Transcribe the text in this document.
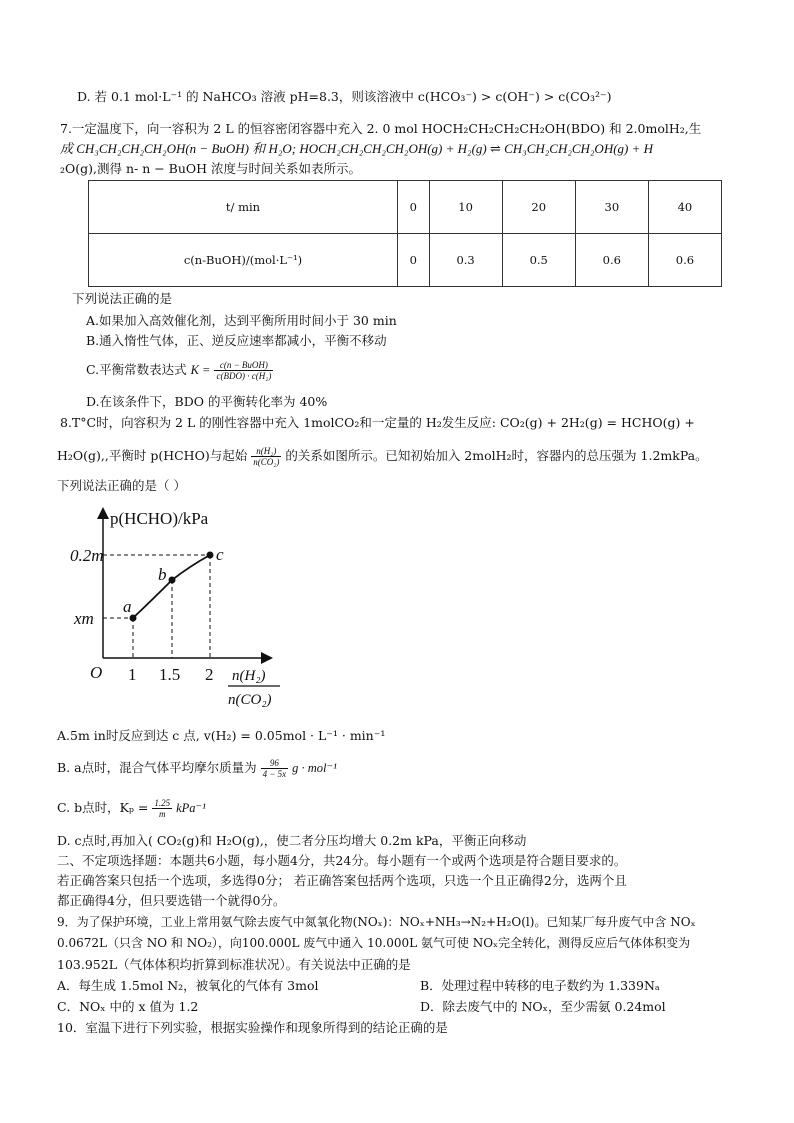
D. 若 0.1 mol·L⁻¹ 的 NaHCO₃ 溶液 pH=8.3，则该溶液中 c(HCO₃⁻) > c(OH⁻) > c(CO₃²⁻)
7.一定温度下，向一容积为 2 L 的恒容密闭容器中充入 2. 0 mol HOCH₂CH₂CH₂CH₂OH(BDO) 和 2.0molH₂,生
成 CH₃CH₂CH₂CH₂OH(n − BuOH) 和 H₂O; HOCH₂CH₂CH₂CH₂OH(g) + H₂(g) ⇌ CH₃CH₂CH₂CH₂OH(g) + H
₂O(g),测得 n- n − BuOH 浓度与时间关系如表所示。
t/ min	0	10	20	30	40
c(n-BuOH)/(mol·L⁻¹)	0	0.3	0.5	0.6	0.6
下列说法正确的是
A.如果加入高效催化剂，达到平衡所用时间小于 30 min
B.通入惰性气体，正、逆反应速率都减小，平衡不移动
C.平衡常数表达式 $K = \frac{\text{c(n − BuOH)}}{\text{c(BDO) · c(H₂)}}$
D.在该条件下，BDO 的平衡转化率为 40%
8.T°C时，向容积为 2 L 的刚性容器中充入 1molCO₂和一定量的 H₂发生反应: CO₂(g) + 2H₂(g) = HCHO(g) +
H₂O(g),,平衡时 p(HCHO)与起始 $\frac{\text{n(H₂)}}{\text{n(CO₂)}}$ 的关系如图所示。已知初始加入 2molH₂时，容器内的总压强为 1.2mkPa。
下列说法正确的是（ ）
p(HCHO)/kPa
0.2m
xm
O 1 1.5 2
a
b
c
n(H₂)
n(CO₂)
A.5m in时反应到达 c 点, v(H₂) = 0.05mol · L⁻¹ · min⁻¹
B. a点时，混合气体平均摩尔质量为 $\frac{96}{4 - 5x}$ g · mol⁻¹
C. b点时，$K_p = \frac{1.25}{m} kPa^{-1}$
D. c点时,再加入( CO₂(g)和 H₂O(g),，使二者分压均增大 0.2m kPa，平衡正向移动
二、不定项选择题：本题共6小题，每小题4分，共24分。每小题有一个或两个选项是符合题目要求的。
若正确答案只包括一个选项，多选得0分； 若正确答案包括两个选项，只选一个且正确得2分，选两个且
都正确得4分，但只要选错一个就得0分。
9．为了保护环境，工业上常用氨气除去废气中氮氧化物(NOₓ)：NOₓ+NH₃→N₂+H₂O(l)。已知某厂每升废气中含 NOₓ
0.0672L（只含 NO 和 NO₂），向100.000L 废气中通入 10.000L 氨气可使 NOₓ完全转化，测得反应后气体体积变为
103.952L（气体体积均折算到标准状况）。有关说法中正确的是
A．每生成 1.5mol N₂，被氧化的气体有 3mol	B．处理过程中转移的电子数约为 1.339Nₐ
C．NOₓ 中的 x 值为 1.2	D．除去废气中的 NOₓ，至少需氨 0.24mol
10．室温下进行下列实验，根据实验操作和现象所得到的结论正确的是
